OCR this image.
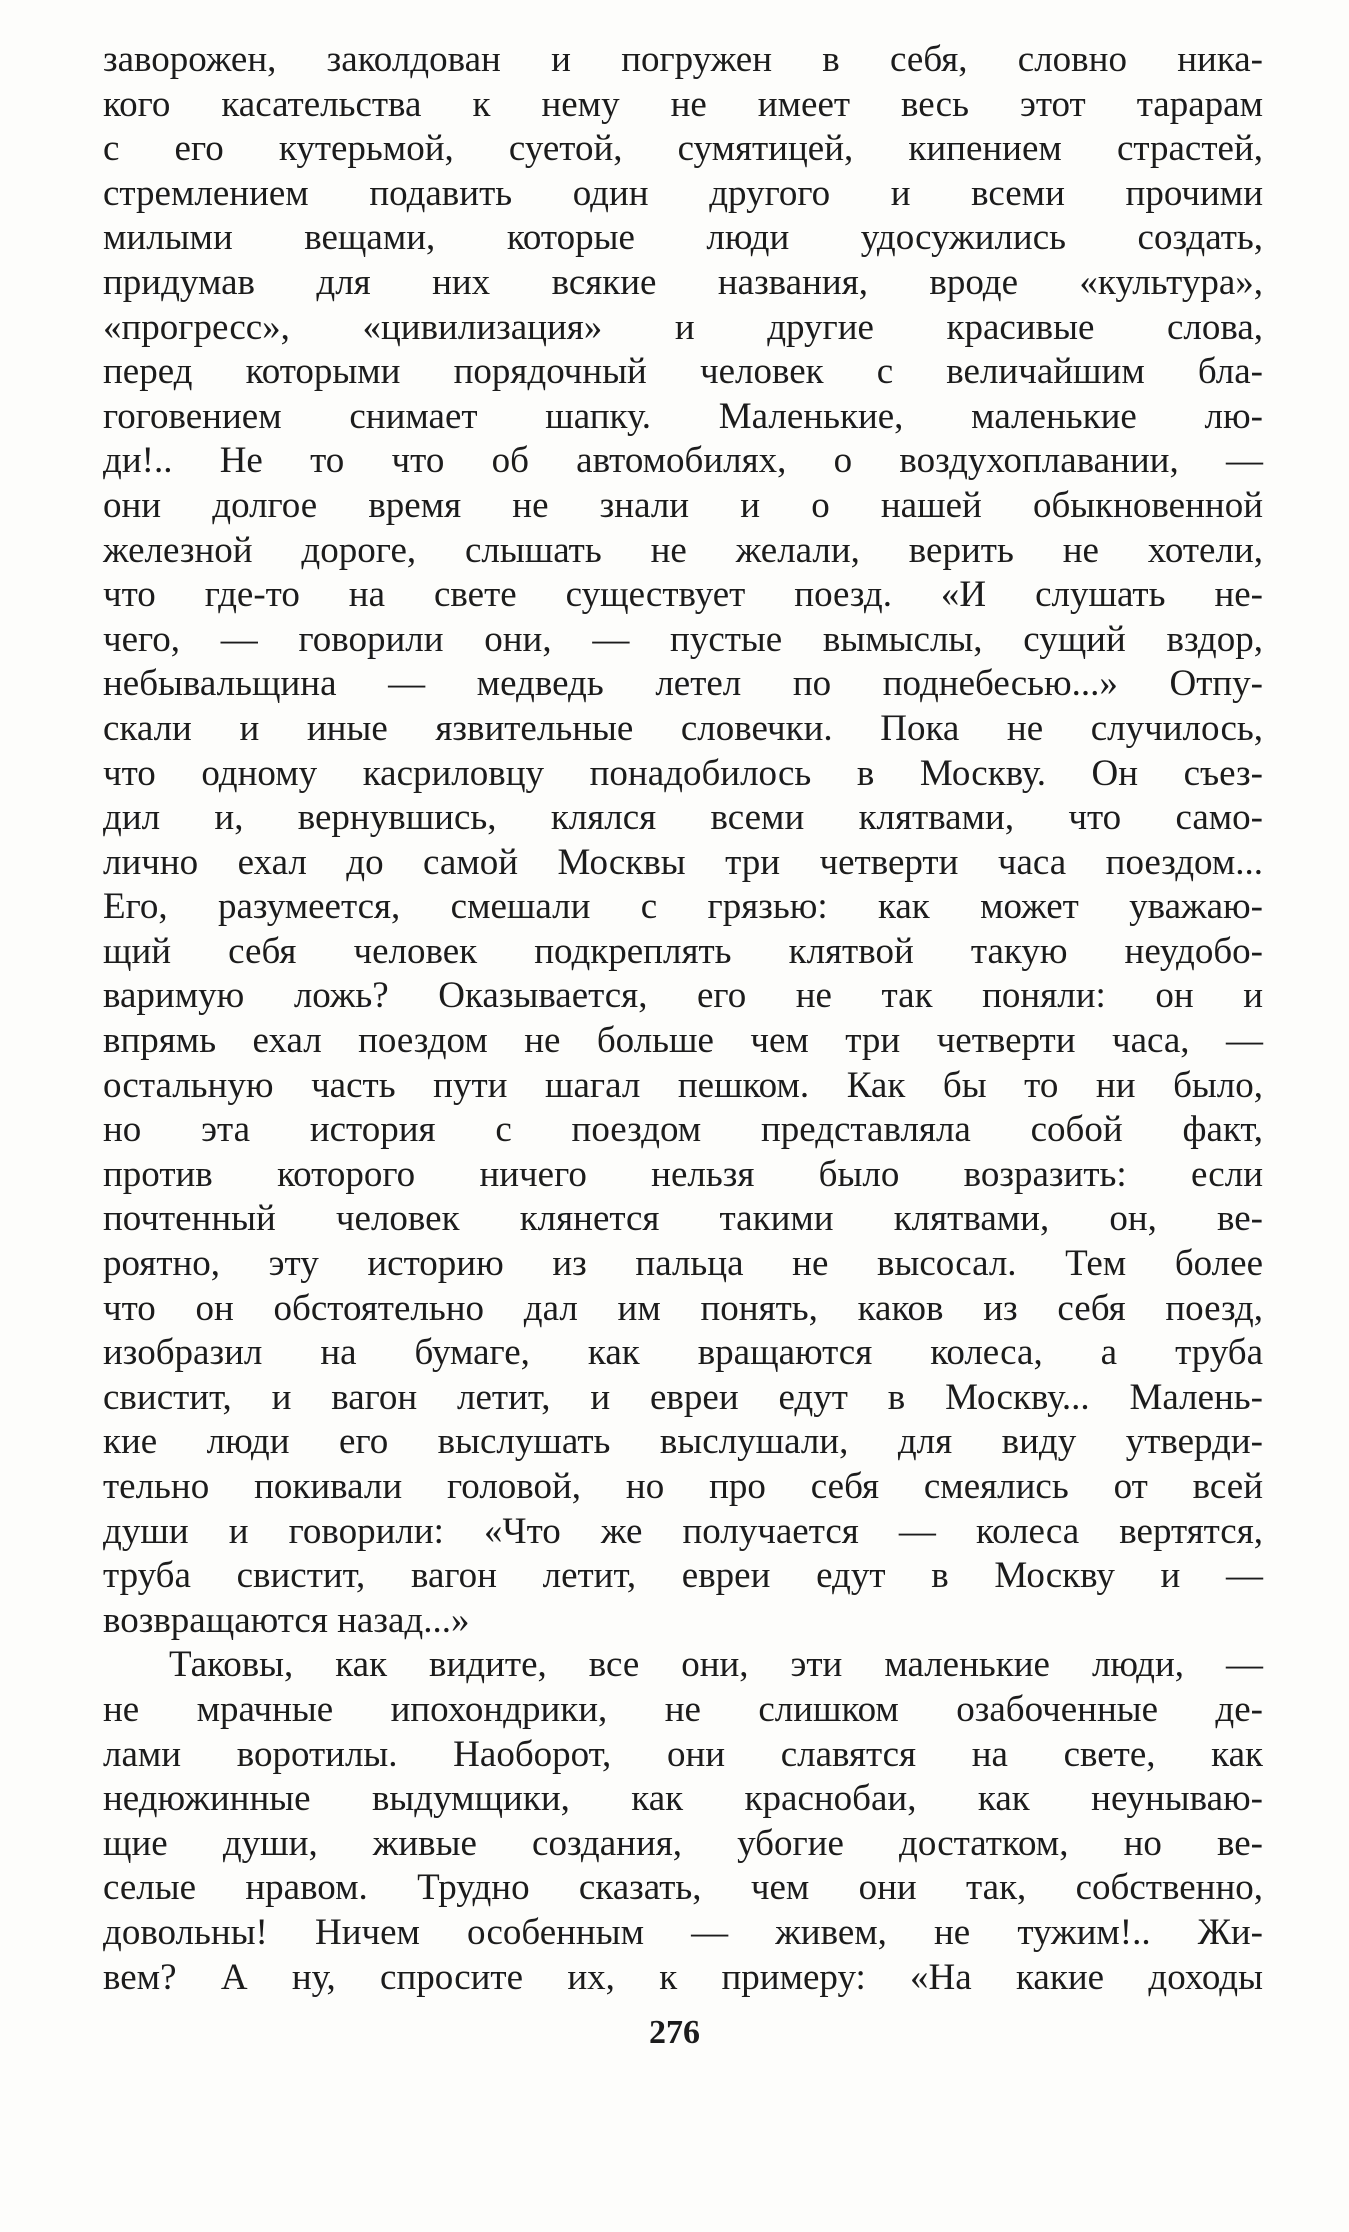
заворожен, заколдован и погружен в себя, словно ника-
кого касательства к нему не имеет весь этот тарарам
с его кутерьмой, суетой, сумятицей, кипением страстей,
стремлением подавить один другого и всеми прочими
милыми вещами, которые люди удосужились создать,
придумав для них всякие названия, вроде «культура»,
«прогресс», «цивилизация» и другие красивые слова,
перед которыми порядочный человек с величайшим бла-
гоговением снимает шапку. Маленькие, маленькие лю-
ди!.. Не то что об автомобилях, о воздухоплавании, —
они долгое время не знали и о нашей обыкновенной
железной дороге, слышать не желали, верить не хотели,
что где-то на свете существует поезд. «И слушать не-
чего, — говорили они, — пустые вымыслы, сущий вздор,
небывальщина — медведь летел по поднебесью...» Отпу-
скали и иные язвительные словечки. Пока не случилось,
что одному касриловцу понадобилось в Москву. Он съез-
дил и, вернувшись, клялся всеми клятвами, что само-
лично ехал до самой Москвы три четверти часа поездом...
Его, разумеется, смешали с грязью: как может уважаю-
щий себя человек подкреплять клятвой такую неудобо-
варимую ложь? Оказывается, его не так поняли: он и
впрямь ехал поездом не больше чем три четверти часа, —
остальную часть пути шагал пешком. Как бы то ни было,
но эта история с поездом представляла собой факт,
против которого ничего нельзя было возразить: если
почтенный человек клянется такими клятвами, он, ве-
роятно, эту историю из пальца не высосал. Тем более
что он обстоятельно дал им понять, каков из себя поезд,
изобразил на бумаге, как вращаются колеса, а труба
свистит, и вагон летит, и евреи едут в Москву... Малень-
кие люди его выслушать выслушали, для виду утверди-
тельно покивали головой, но про себя смеялись от всей
души и говорили: «Что же получается — колеса вертятся,
труба свистит, вагон летит, евреи едут в Москву и —
возвращаются назад...»
Таковы, как видите, все они, эти маленькие люди, —
не мрачные ипохондрики, не слишком озабоченные де-
лами воротилы. Наоборот, они славятся на свете, как
недюжинные выдумщики, как краснобаи, как неунываю-
щие души, живые создания, убогие достатком, но ве-
селые нравом. Трудно сказать, чем они так, собственно,
довольны! Ничем особенным — живем, не тужим!.. Жи-
вем? А ну, спросите их, к примеру: «На какие доходы
276
